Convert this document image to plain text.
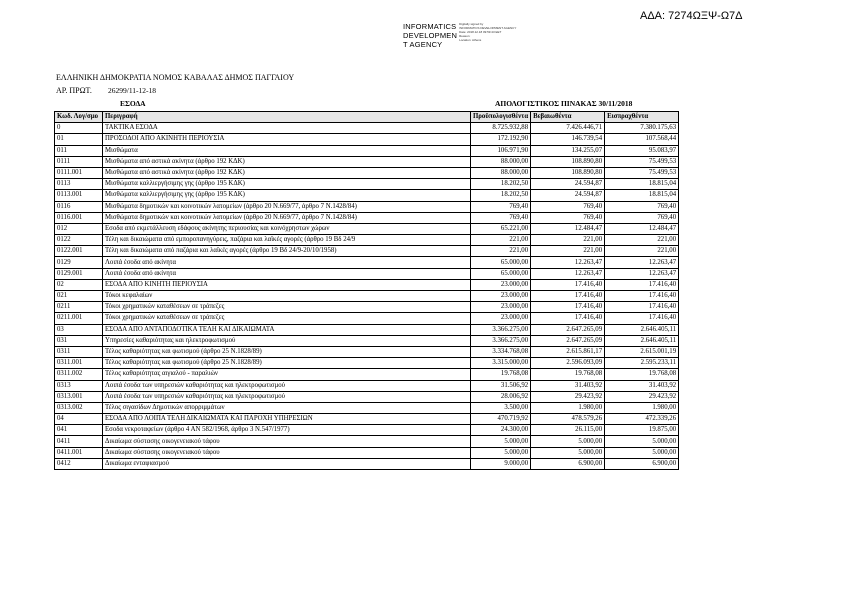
ΑΔΑ: 7274ΩΞΨ-Ω7Δ
INFORMATICS
DEVELOPMEN
T AGENCY
Digitally signed by
INFORMATICS DEVELOPMENT AGENCY
Date: 2018.12.18 09:59:43 EET
Reason:
Location: Athens
ΕΛΛΗΝΙΚΗ ΔΗΜΟΚΡΑΤΙΑ ΝΟΜΟΣ ΚΑΒΑΛΑΣ ΔΗΜΟΣ ΠΑΓΓΑΙΟΥ
ΑΡ. ΠΡΩΤ. 26299/11-12-18
ΕΣΟΔΑ	ΑΠΟΛΟΓΙΣΤΙΚΟΣ ΠΙΝΑΚΑΣ 30/11/2018
Κωδ. Λογ/σμο	Περιγραφή	Προϋπολογισθέντα	Βεβαιωθέντα	Εισπραχθέντα
0	ΤΑΚΤΙΚΑ ΕΣΟΔΑ	8.725.932,88	7.426.446,71	7.380.175,63
01	ΠΡΟΣΟΔΟΙ ΑΠΟ ΑΚΙΝΗΤΗ ΠΕΡΙΟΥΣΙΑ	172.192,90	146.739,54	107.568,44
011	Μισθώματα	106.971,90	134.255,07	95.083,97
0111	Μισθώματα από αστικά ακίνητα (άρθρο 192 ΚΔΚ)	88.000,00	108.890,80	75.499,53
0111.001	Μισθώματα από αστικά ακίνητα (άρθρο 192 ΚΔΚ)	88.000,00	108.890,80	75.499,53
0113	Μισθώματα καλλιεργήσιμης γης (άρθρο 195 ΚΔΚ)	18.202,50	24.594,87	18.815,04
0113.001	Μισθώματα καλλιεργήσιμης γης (άρθρο 195 ΚΔΚ)	18.202,50	24.594,87	18.815,04
0116	Μισθώματα δημοτικών και κοινοτικών λατομείων (άρθρο 20 Ν.669/77, άρθρο 7 Ν.1428/84)	769,40	769,40	769,40
0116.001	Μισθώματα δημοτικών και κοινοτικών λατομείων (άρθρο 20 Ν.669/77, άρθρο 7 Ν.1428/84)	769,40	769,40	769,40
012	Εσοδα από εκμετάλλευση εδάφους ακίνητης περιουσίας και κοινόχρηστων χώρων	65.221,00	12.484,47	12.484,47
0122	Τέλη και δικαιώματα από εμποροπανηγύρεις, παζάρια και λαϊκές αγορές (άρθρο 19 Βδ 24/9	221,00	221,00	221,00
0122.001	Τέλη και δικαιώματα από παζάρια και λαϊκές αγορές (άρθρο 19 Βδ 24/9-20/10/1958)	221,00	221,00	221,00
0129	Λοιπά έσοδα από ακίνητα	65.000,00	12.263,47	12.263,47
0129.001	Λοιπά έσοδα από ακίνητα	65.000,00	12.263,47	12.263,47
02	ΕΣΟΔΑ ΑΠΟ ΚΙΝΗΤΗ ΠΕΡΙΟΥΣΙΑ	23.000,00	17.416,40	17.416,40
021	Τόκοι κεφαλαίων	23.000,00	17.416,40	17.416,40
0211	Τόκοι χρηματικών καταθέσεων σε τράπεζες	23.000,00	17.416,40	17.416,40
0211.001	Τόκοι χρηματικών καταθέσεων σε τράπεζες	23.000,00	17.416,40	17.416,40
03	ΕΣΟΔΑ ΑΠΟ ΑΝΤΑΠΟΔΟΤΙΚΑ ΤΕΛΗ ΚΑΙ ΔΙΚΑΙΩΜΑΤΑ	3.366.275,00	2.647.265,09	2.646.405,11
031	Υπηρεσίες καθαριότητας και ηλεκτροφωτισμού	3.366.275,00	2.647.265,09	2.646.405,11
0311	Τέλος καθαριότητας και φωτισμού (άρθρο 25 Ν.1828/89)	3.334.768,08	2.615.861,17	2.615.001,19
0311.001	Τέλος καθαριότητας και φωτισμού (άρθρο 25 Ν.1828/89)	3.315.000,00	2.596.093,09	2.595.233,11
0311.002	Τέλος καθαριότητας αιγιαλού - παραλιών	19.768,08	19.768,08	19.768,08
0313	Λοιπά έσοδα των υπηρεσιών καθαριότητας και ηλεκτροφωτισμού	31.506,92	31.403,92	31.403,92
0313.001	Λοιπά έσοδα των υπηρεσιών καθαριότητας και ηλεκτροφωτισμού	28.006,92	29.423,92	29.423,92
0313.002	Τέλος σιγασίδων Δημοτικών απορριμμάτων	3.500,00	1.980,00	1.980,00
04	ΕΣΟΔΑ ΑΠΟ ΛΟΙΠΑ ΤΕΛΗ ΔΙΚΑΙΩΜΑΤΑ ΚΑΙ ΠΑΡΟΧΗ ΥΠΗΡΕΣΙΩΝ	470.719,92	478.579,26	472.339,26
041	Εσοδα νεκροταφείων (άρθρο 4 ΑΝ 582/1968, άρθρο 3 Ν.547/1977)	24.300,00	26.115,00	19.875,00
0411	Δικαίωμα σύστασης οικογενειακού τάφου	5.000,00	5.000,00	5.000,00
0411.001	Δικαίωμα σύστασης οικογενειακού τάφου	5.000,00	5.000,00	5.000,00
0412	Δικαίωμα ενταφιασμού	9.000,00	6.900,00	6.900,00
